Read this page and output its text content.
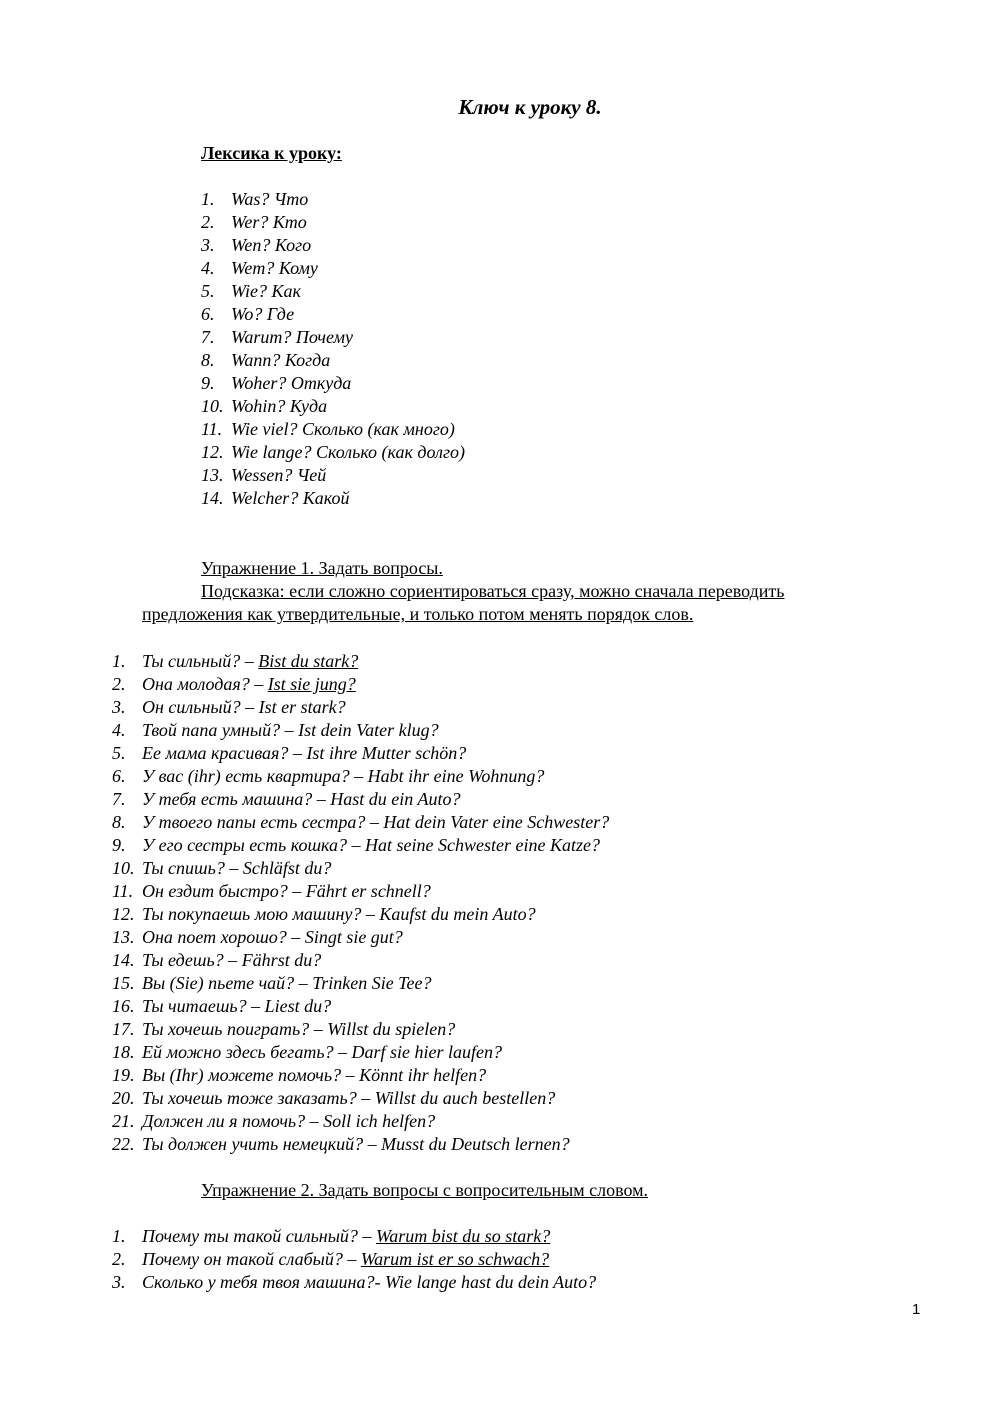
Ключ к уроку 8.
Лексика к уроку:
1. Was? Что
2. Wer? Кто
3. Wen? Кого
4. Wem? Кому
5. Wie? Как
6. Wo? Где
7. Warum? Почему
8. Wann? Когда
9. Woher? Откуда
10. Wohin? Куда
11. Wie viel? Сколько (как много)
12. Wie lange? Сколько (как долго)
13. Wessen? Чей
14. Welcher? Какой
Упражнение 1. Задать вопросы.
Подсказка: если сложно сориентироваться сразу, можно сначала переводить
предложения как утвердительные, и только потом менять порядок слов.
1. Ты сильный? – Bist du stark?
2. Она молодая? – Ist sie jung?
3. Он сильный? – Ist er stark?
4. Твой папа умный? – Ist dein Vater klug?
5. Ее мама красивая? – Ist ihre Mutter schön?
6. У вас (ihr) есть квартира? – Habt ihr eine Wohnung?
7. У тебя есть машина? – Hast du ein Auto?
8. У твоего папы есть сестра? – Hat dein Vater eine Schwester?
9. У его сестры есть кошка? – Hat seine Schwester eine Katze?
10. Ты спишь? – Schläfst du?
11. Он ездит быстро? – Fährt er schnell?
12. Ты покупаешь мою машину? – Kaufst du mein Auto?
13. Она поет хорошо? – Singt sie gut?
14. Ты едешь? – Fährst du?
15. Вы (Sie) пьете чай? – Trinken Sie Tee?
16. Ты читаешь? – Liest du?
17. Ты хочешь поиграть? – Willst du spielen?
18. Ей можно здесь бегать? – Darf sie hier laufen?
19. Вы (Ihr) можете помочь? – Könnt ihr helfen?
20. Ты хочешь тоже заказать? – Willst du auch bestellen?
21. Должен ли я помочь? – Soll ich helfen?
22. Ты должен учить немецкий? – Musst du Deutsch lernen?
Упражнение 2. Задать вопросы с вопросительным словом.
1. Почему ты такой сильный? – Warum bist du so stark?
2. Почему он такой слабый? – Warum ist er so schwach?
3. Сколько у тебя твоя машина?- Wie lange hast du dein Auto?
1
